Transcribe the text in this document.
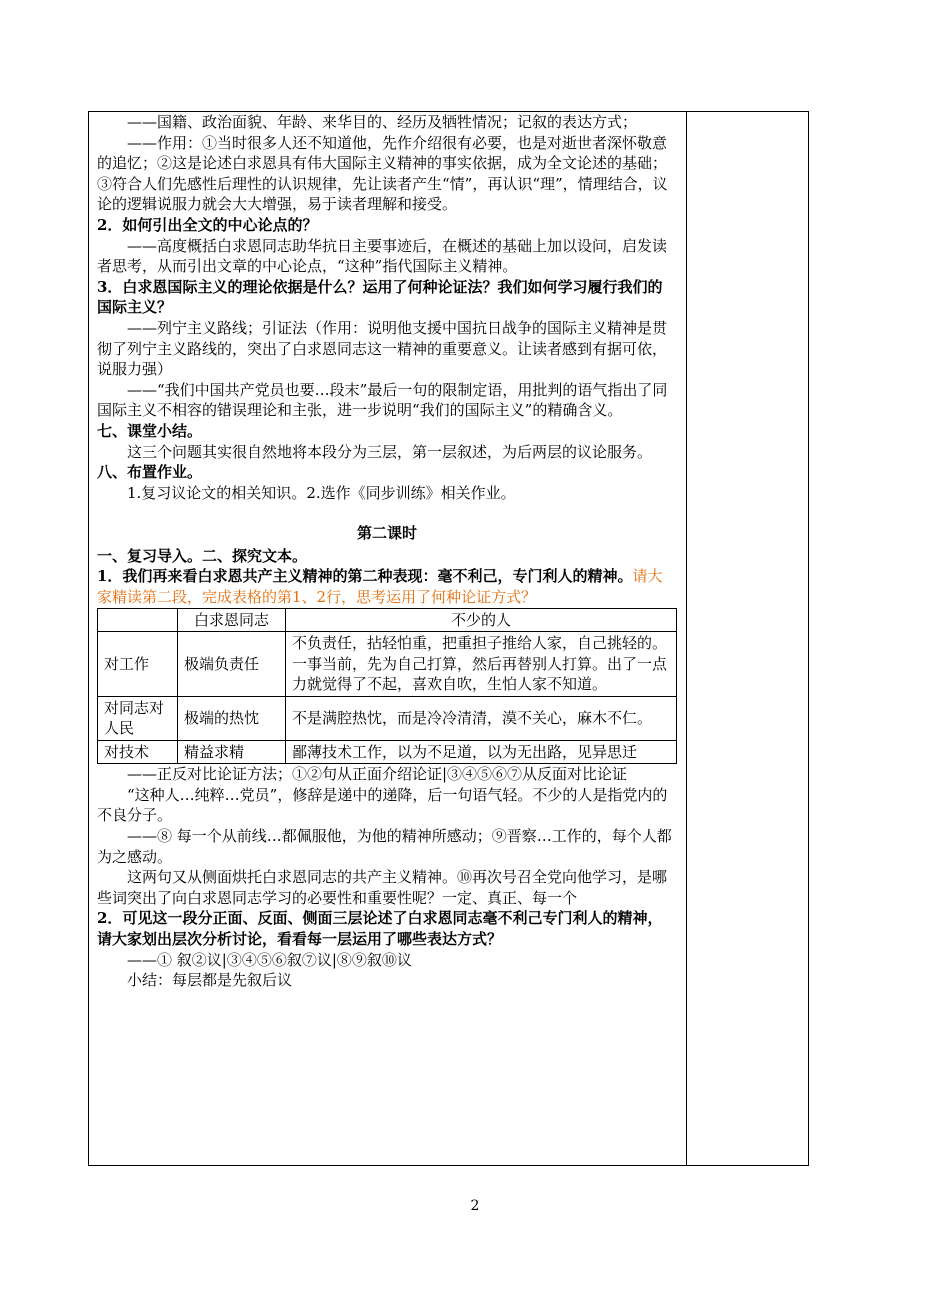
——国籍、政治面貌、年龄、来华目的、经历及牺牲情况；记叙的表达方式；

——作用：①当时很多人还不知道他，先作介绍很有必要，也是对逝世者深怀敬意的追忆；②这是论述白求恩具有伟大国际主义精神的事实依据，成为全文论述的基础；③符合人们先感性后理性的认识规律，先让读者产生“情”，再认识“理”，情理结合，议论的逻辑说服力就会大大增强，易于读者理解和接受。

2．如何引出全文的中心论点的？

——高度概括白求恩同志助华抗日主要事迹后，在概述的基础上加以设问，启发读者思考，从而引出文章的中心论点，“这种”指代国际主义精神。

3．白求恩国际主义的理论依据是什么？运用了何种论证法？我们如何学习履行我们的国际主义？

——列宁主义路线；引证法（作用：说明他支援中国抗日战争的国际主义精神是贯彻了列宁主义路线的，突出了白求恩同志这一精神的重要意义。让读者感到有据可依，说服力强）

——“我们中国共产党员也要…段末”最后一句的限制定语，用批判的语气指出了同国际主义不相容的错误理论和主张，进一步说明“我们的国际主义”的精确含义。

七、课堂小结。

这三个问题其实很自然地将本段分为三层，第一层叙述，为后两层的议论服务。

八、布置作业。

1.复习议论文的相关知识。2.选作《同步训练》相关作业。

第二课时

一、复习导入。二、探究文本。

1．我们再来看白求恩共产主义精神的第二种表现：毫不利己，专门利人的精神。请大家精读第二段，完成表格的第1、2行，思考运用了何种论证方式？

	白求恩同志	不少的人
对工作	极端负责任	不负责任，拈轻怕重，把重担子推给人家，自己挑轻的。一事当前，先为自己打算，然后再替别人打算。出了一点力就觉得了不起，喜欢自吹，生怕人家不知道。
对同志对人民	极端的热忱	不是满腔热忱，而是冷冷清清，漠不关心，麻木不仁。
对技术	精益求精	鄙薄技术工作，以为不足道，以为无出路，见异思迁

——正反对比论证方法；①②句从正面介绍论证|③④⑤⑥⑦从反面对比论证

“这种人…纯粹…党员”，修辞是递中的递降，后一句语气轻。不少的人是指党内的不良分子。

——⑧ 每一个从前线…都佩服他，为他的精神所感动；⑨晋察…工作的，每个人都为之感动。

这两句又从侧面烘托白求恩同志的共产主义精神。⑩再次号召全党向他学习，是哪些词突出了向白求恩同志学习的必要性和重要性呢？一定、真正、每一个

2．可见这一段分正面、反面、侧面三层论述了白求恩同志毫不利己专门利人的精神，请大家划出层次分析讨论，看看每一层运用了哪些表达方式？

——① 叙②议|③④⑤⑥叙⑦议|⑧⑨叙⑩议

小结：每层都是先叙后议

2
